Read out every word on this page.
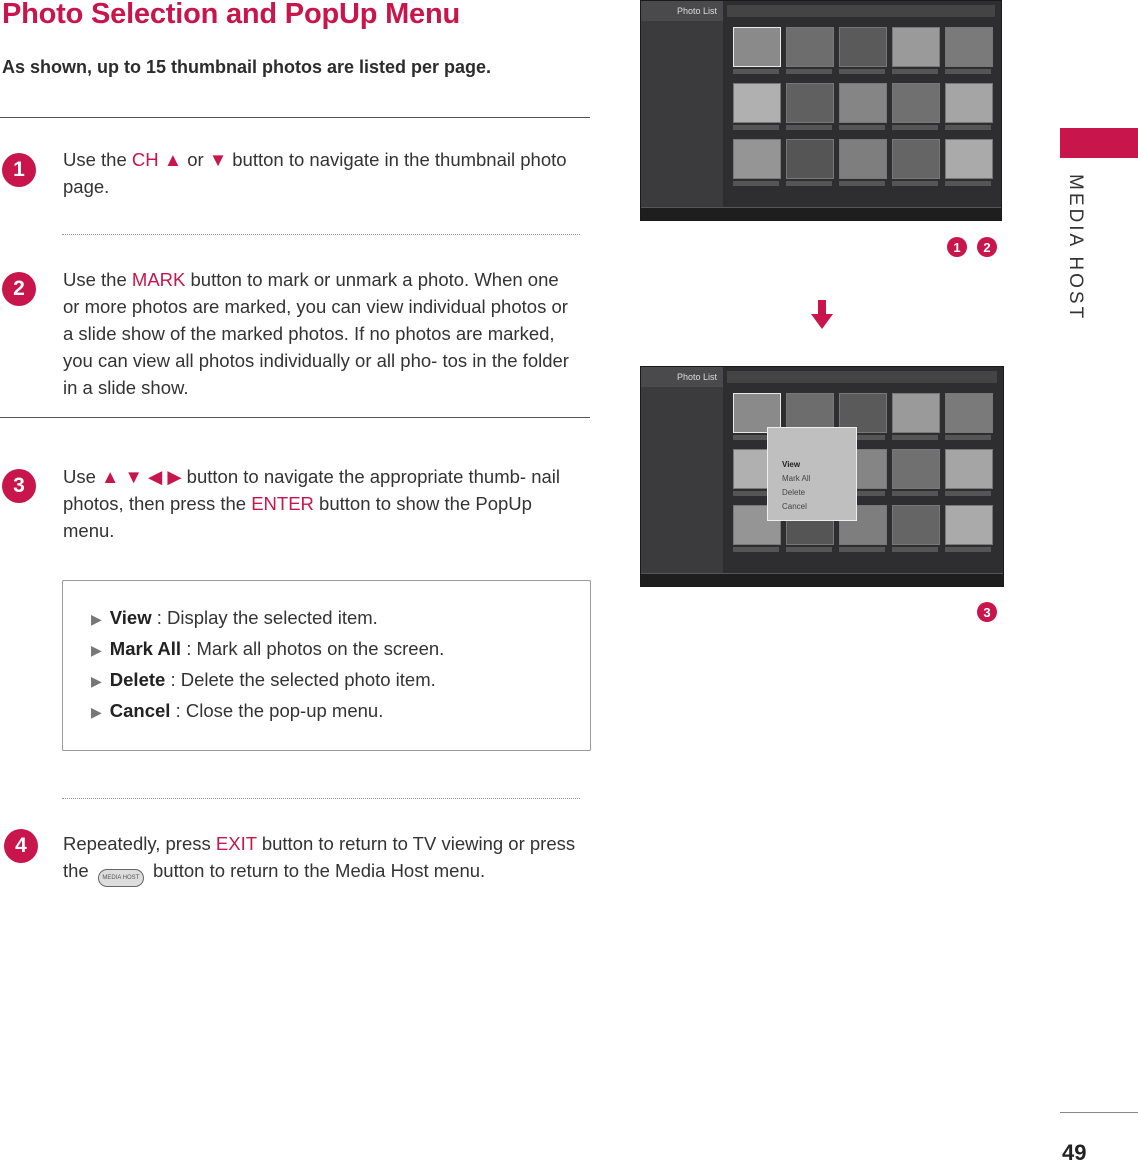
Photo Selection and PopUp Menu
As shown, up to 15 thumbnail photos are listed per page.
1	Use the CH ▲ or ▼ button to navigate in the thumbnail photo page.
2	Use the MARK button to mark or unmark a photo. When one or more photos are marked, you can view individual photos or a slide show of the marked photos. If no photos are marked, you can view all photos individually or all pho- tos in the folder in a slide show.
3	Use ▲ ▼ ◀ ▶ button to navigate the appropriate thumb- nail photos, then press the ENTER button to show the PopUp menu.
▶ View : Display the selected item.
▶ Mark All : Mark all photos on the screen.
▶ Delete : Delete the selected photo item.
▶ Cancel : Close the pop-up menu.
4	Repeatedly, press EXIT button to return to TV viewing or press the MEDIA HOST button to return to the Media Host menu.
Photo List
1	2
Photo List
View
Mark All
Delete
Cancel
3
MEDIA HOST
49
